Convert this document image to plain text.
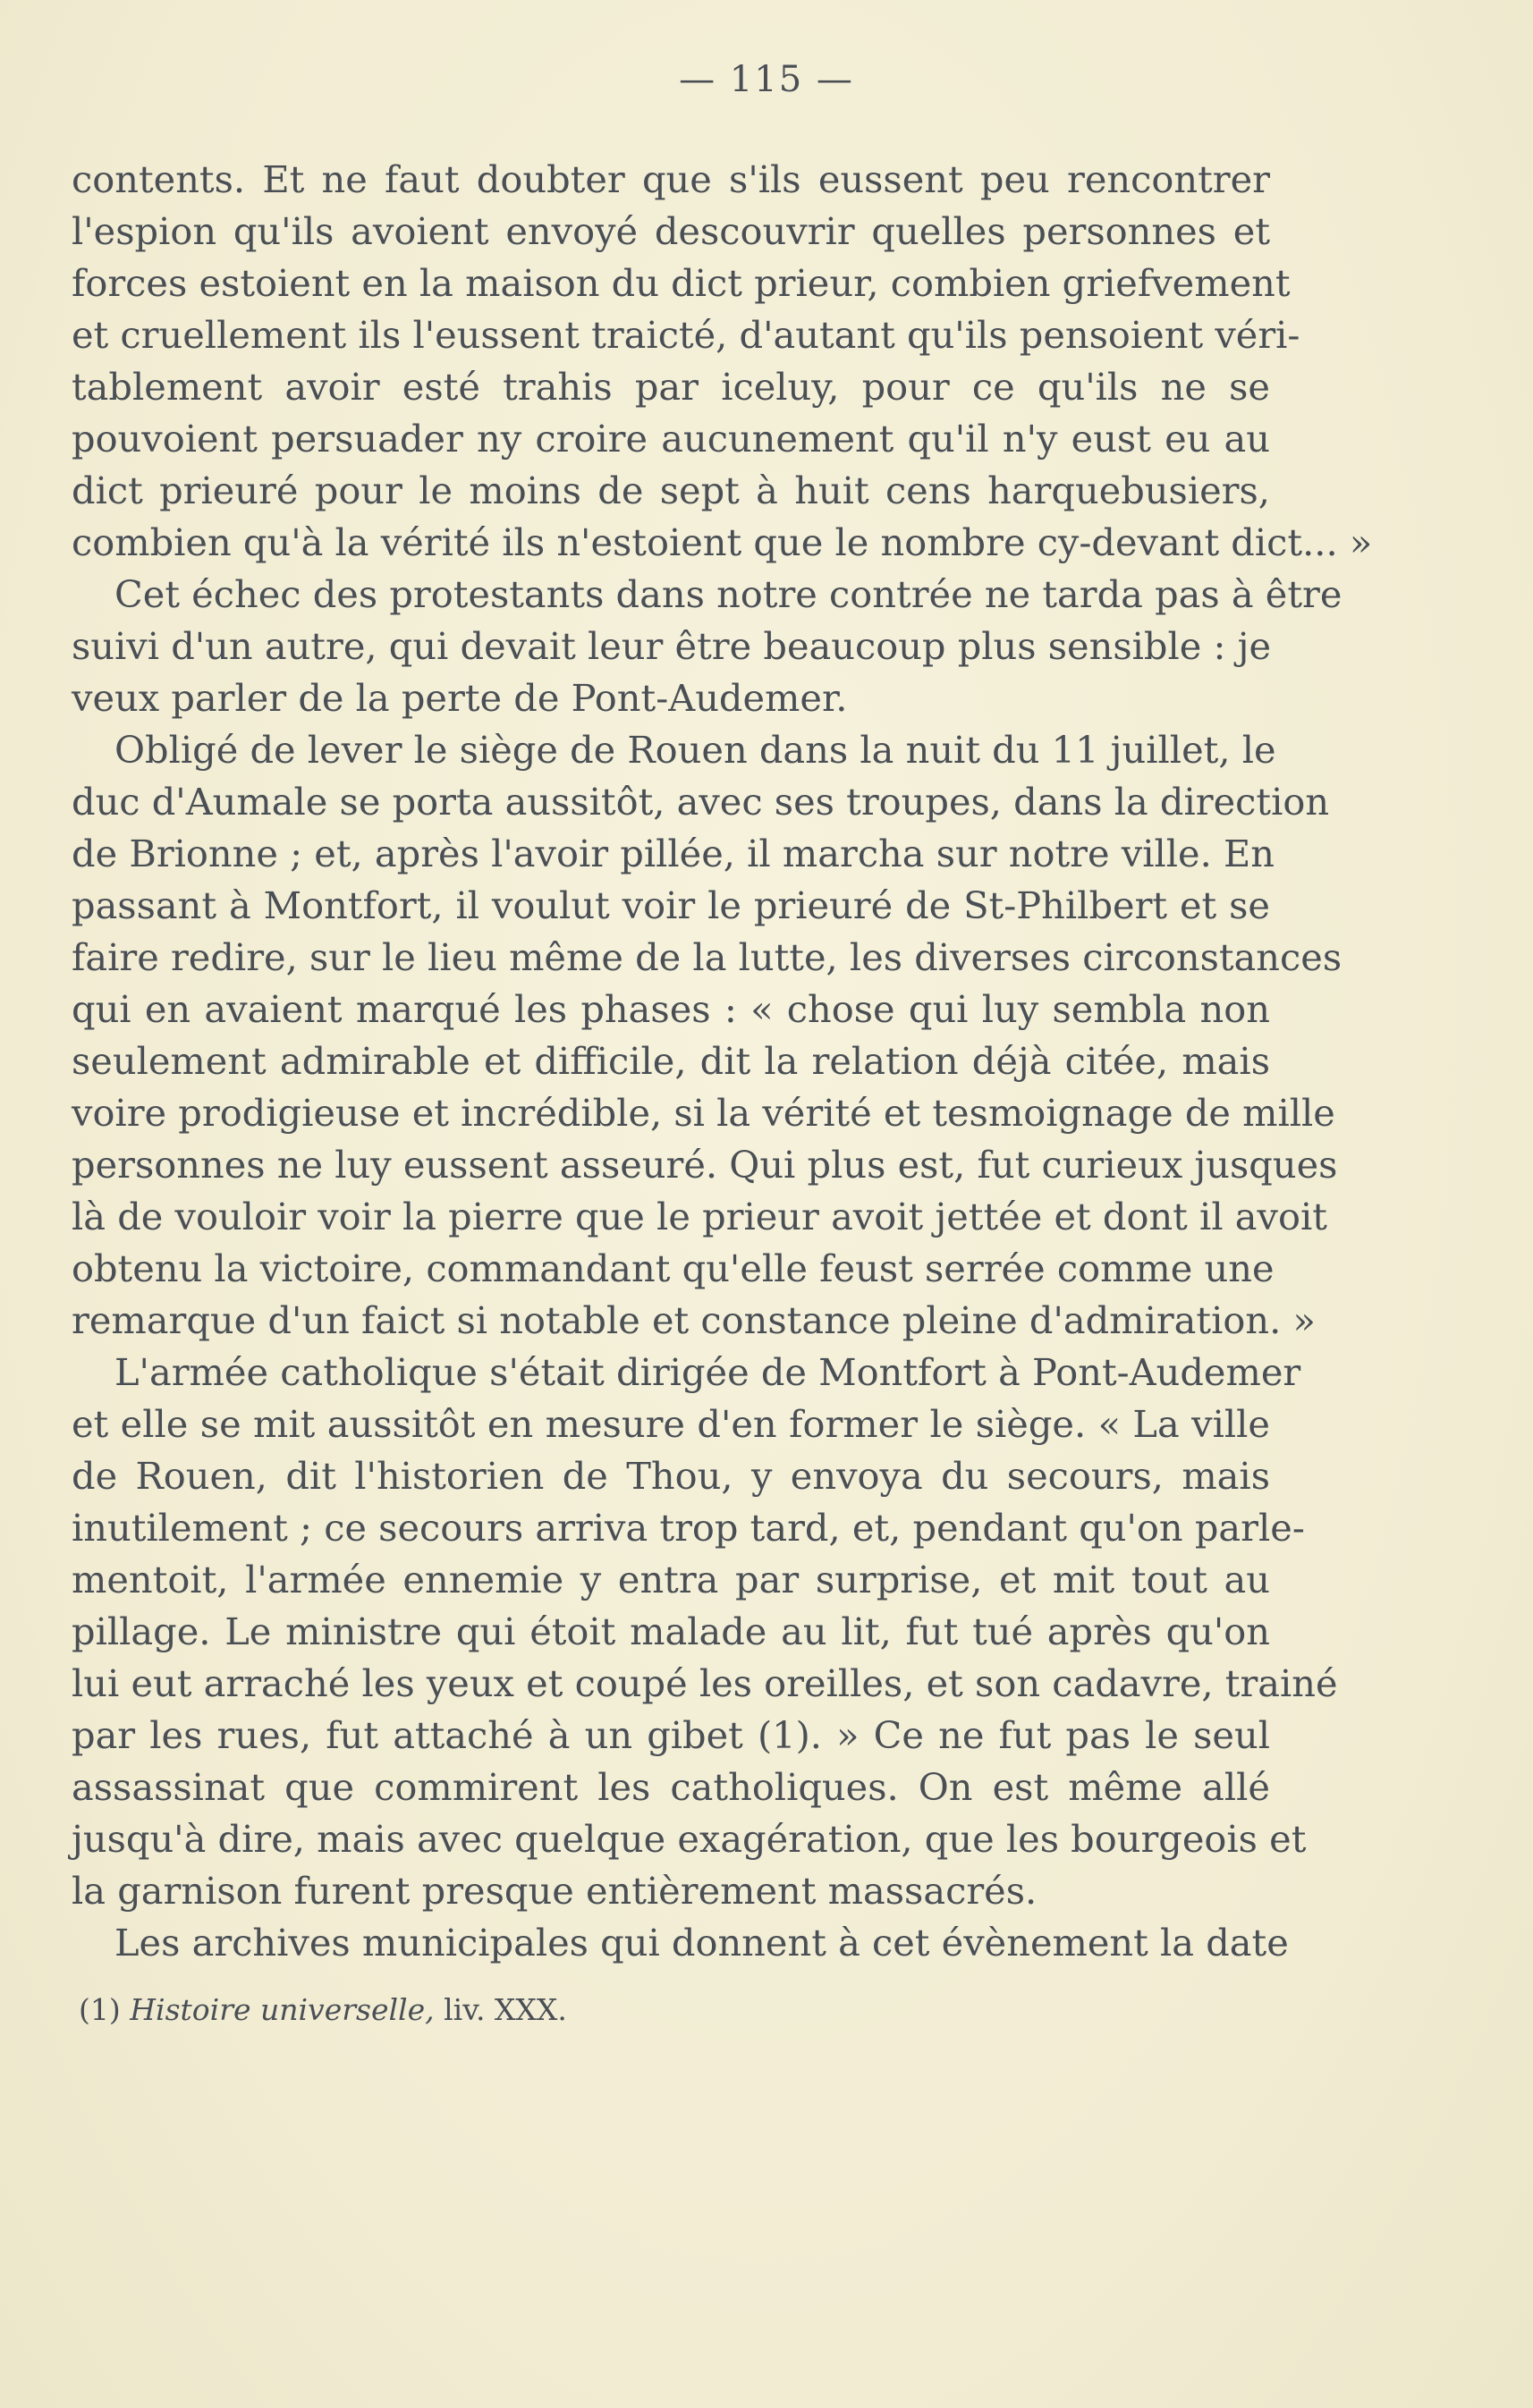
— 115 —
contents. Et ne faut doubter que s'ils eussent peu rencontrer
l'espion qu'ils avoient envoyé descouvrir quelles personnes et
forces estoient en la maison du dict prieur, combien griefvement
et cruellement ils l'eussent traicté, d'autant qu'ils pensoient véri-
tablement avoir esté trahis par iceluy, pour ce qu'ils ne se
pouvoient persuader ny croire aucunement qu'il n'y eust eu au
dict prieuré pour le moins de sept à huit cens harquebusiers,
combien qu'à la vérité ils n'estoient que le nombre cy-devant dict... »
Cet échec des protestants dans notre contrée ne tarda pas à être
suivi d'un autre, qui devait leur être beaucoup plus sensible : je
veux parler de la perte de Pont-Audemer.
Obligé de lever le siège de Rouen dans la nuit du 11 juillet, le
duc d'Aumale se porta aussitôt, avec ses troupes, dans la direction
de Brionne ; et, après l'avoir pillée, il marcha sur notre ville. En
passant à Montfort, il voulut voir le prieuré de St-Philbert et se
faire redire, sur le lieu même de la lutte, les diverses circonstances
qui en avaient marqué les phases : « chose qui luy sembla non
seulement admirable et difficile, dit la relation déjà citée, mais
voire prodigieuse et incrédible, si la vérité et tesmoignage de mille
personnes ne luy eussent asseuré. Qui plus est, fut curieux jusques
là de vouloir voir la pierre que le prieur avoit jettée et dont il avoit
obtenu la victoire, commandant qu'elle feust serrée comme une
remarque d'un faict si notable et constance pleine d'admiration. »
L'armée catholique s'était dirigée de Montfort à Pont-Audemer
et elle se mit aussitôt en mesure d'en former le siège. « La ville
de Rouen, dit l'historien de Thou, y envoya du secours, mais
inutilement ; ce secours arriva trop tard, et, pendant qu'on parle-
mentoit, l'armée ennemie y entra par surprise, et mit tout au
pillage. Le ministre qui étoit malade au lit, fut tué après qu'on
lui eut arraché les yeux et coupé les oreilles, et son cadavre, trainé
par les rues, fut attaché à un gibet (1). » Ce ne fut pas le seul
assassinat que commirent les catholiques. On est même allé
jusqu'à dire, mais avec quelque exagération, que les bourgeois et
la garnison furent presque entièrement massacrés.
Les archives municipales qui donnent à cet évènement la date
(1) Histoire universelle, liv. XXX.
